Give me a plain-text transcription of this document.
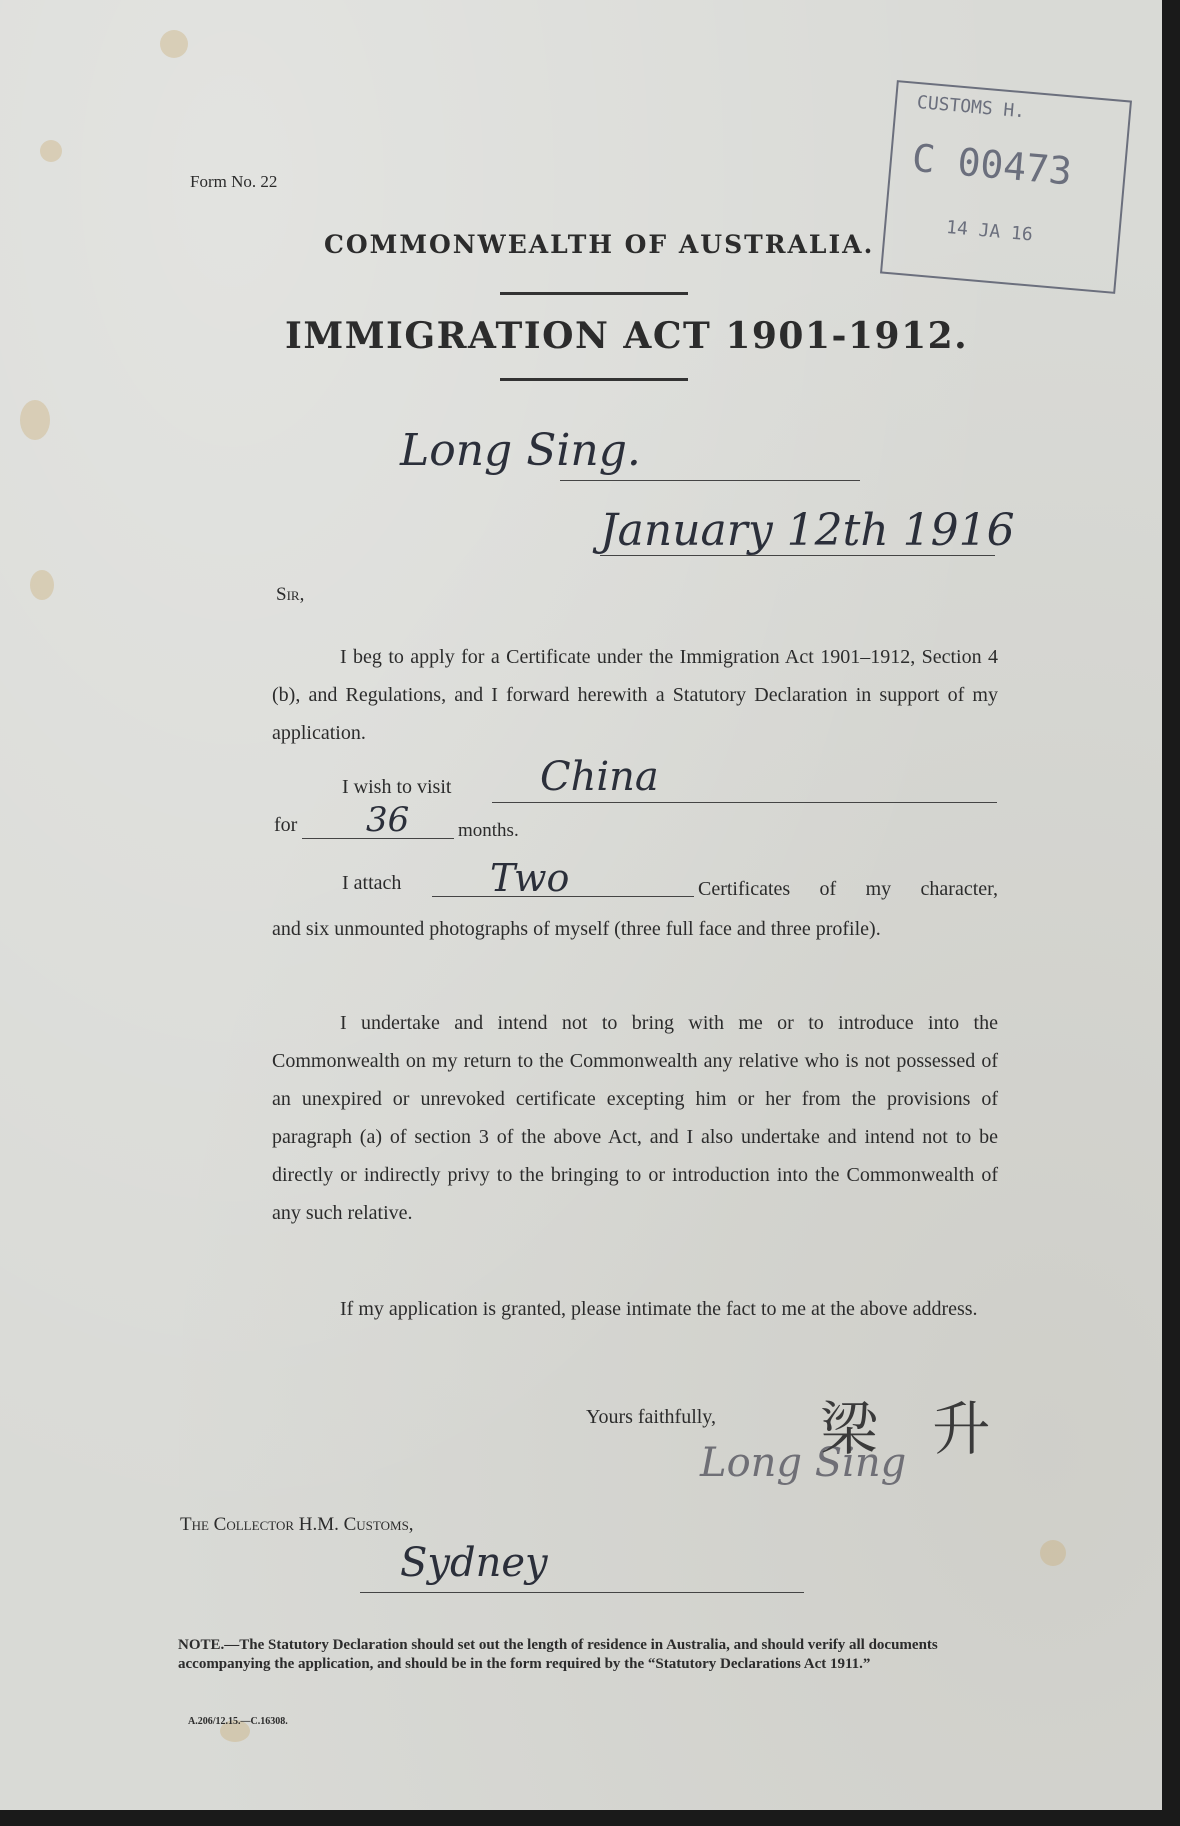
Form No. 22
COMMONWEALTH OF AUSTRALIA.
IMMIGRATION ACT 1901-1912.
CUSTOMS H.
C 00473
14 JA 16
Long Sing.
January 12th 1916
Sir,
I beg to apply for a Certificate under the Immigration Act 1901–1912, Section 4 (b), and Regulations, and I forward herewith a Statutory Declaration in support of my application.
I wish to visit China
for 36	months.
I attach Two	Certificates of my character,
and six unmounted photographs of myself (three full face and three profile).
I undertake and intend not to bring with me or to introduce into the Commonwealth on my return to the Commonwealth any relative who is not possessed of an unexpired or unrevoked certificate excepting him or her from the provisions of paragraph (a) of section 3 of the above Act, and I also undertake and intend not to be directly or indirectly privy to the bringing to or introduction into the Commonwealth of any such relative.
If my application is granted, please intimate the fact to me at the above address.
Yours faithfully,
Long Sing
梁 升
The Collector H.M. Customs,
Sydney
NOTE.—The Statutory Declaration should set out the length of residence in Australia, and should verify all documents accompanying the application, and should be in the form required by the “Statutory Declarations Act 1911.”
A.206/12.15.—C.16308.
